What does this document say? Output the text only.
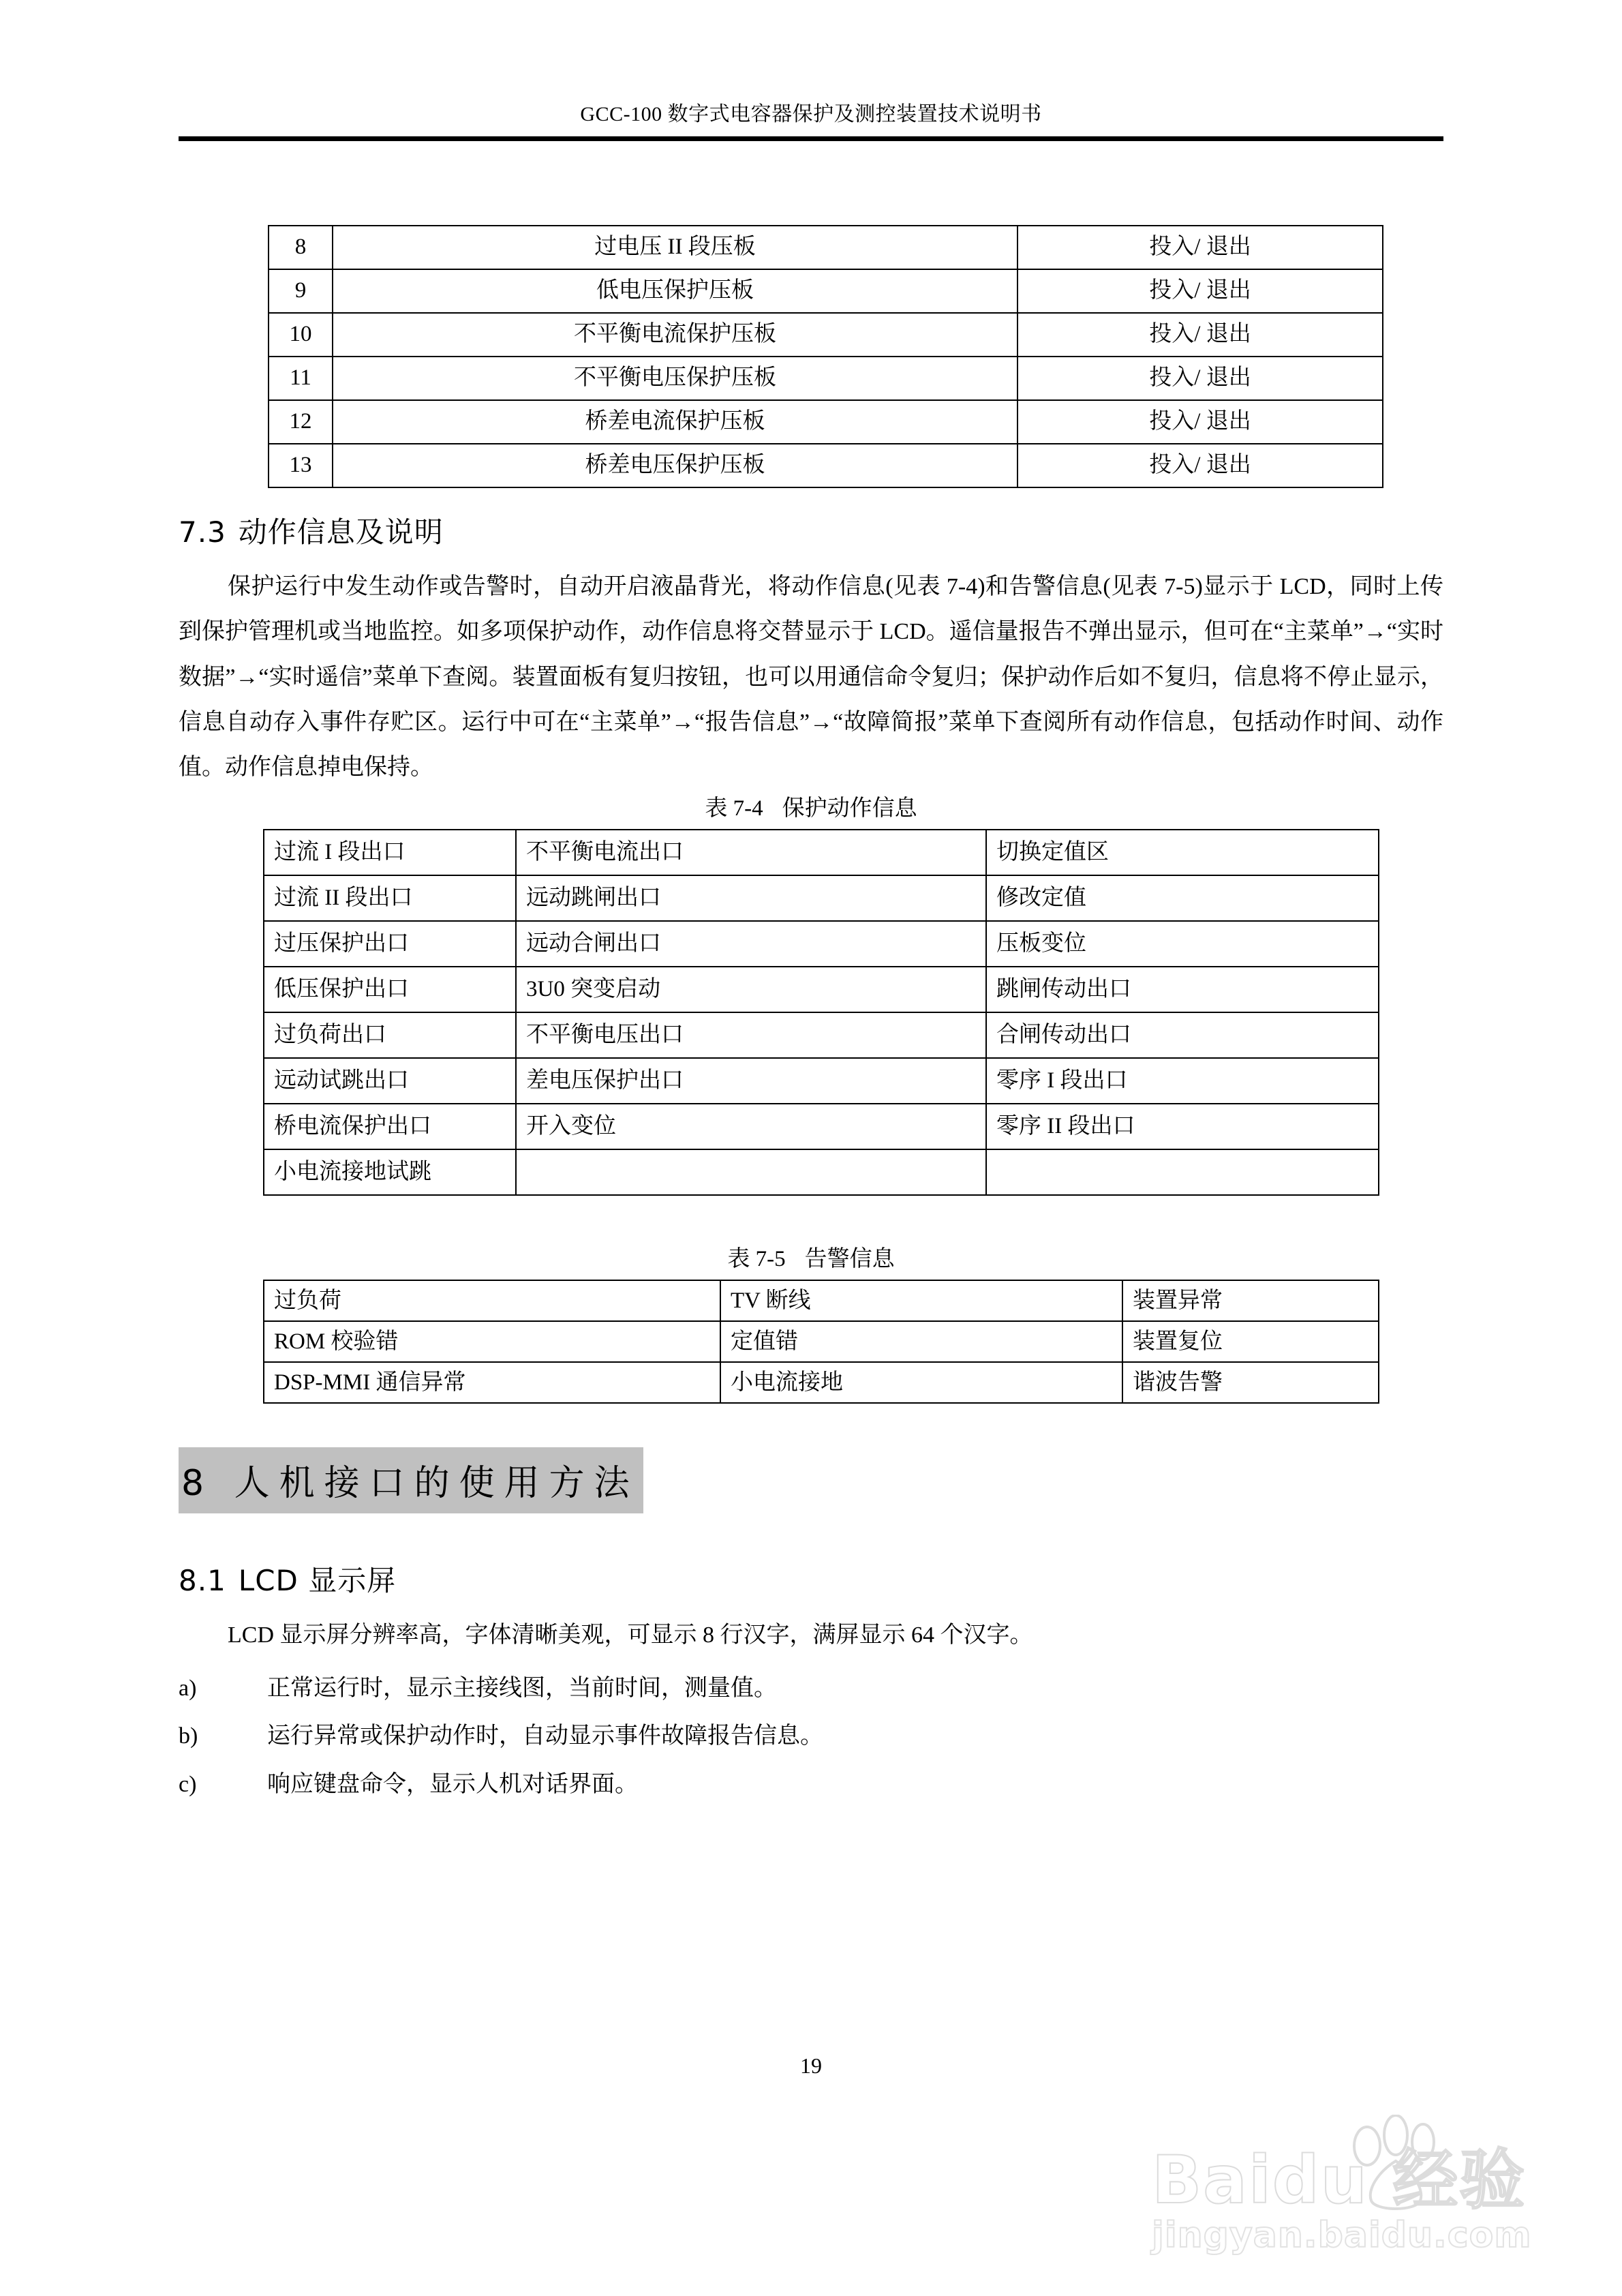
GCC-100 数字式电容器保护及测控装置技术说明书
8	过电压 II 段压板	投入/ 退出
9	低电压保护压板	投入/ 退出
10	不平衡电流保护压板	投入/ 退出
11	不平衡电压保护压板	投入/ 退出
12	桥差电流保护压板	投入/ 退出
13	桥差电压保护压板	投入/ 退出
7.3 动作信息及说明

保护运行中发生动作或告警时，自动开启液晶背光，将动作信息(见表 7-4)和告警信息(见表 7-5)显示于 LCD，同时上传到保护管理机或当地监控。如多项保护动作，动作信息将交替显示于 LCD。遥信量报告不弹出显示，但可在“主菜单”→“实时数据”→“实时遥信”菜单下查阅。装置面板有复归按钮，也可以用通信命令复归；保护动作后如不复归，信息将不停止显示，信息自动存入事件存贮区。运行中可在“主菜单”→“报告信息”→“故障简报”菜单下查阅所有动作信息，包括动作时间、动作值。动作信息掉电保持。

表 7-4 保护动作信息
过流 I 段出口	不平衡电流出口	切换定值区
过流 II 段出口	远动跳闸出口	修改定值
过压保护出口	远动合闸出口	压板变位
低压保护出口	3U0 突变启动	跳闸传动出口
过负荷出口	不平衡电压出口	合闸传动出口
远动试跳出口	差电压保护出口	零序 I 段出口
桥电流保护出口	开入变位	零序 II 段出口
小电流接地试跳		
表 7-5 告警信息
过负荷	TV 断线	装置异常
ROM 校验错	定值错	装置复位
DSP-MMI 通信异常	小电流接地	谐波告警
8 人机接口的使用方法
8.1 LCD 显示屏

LCD 显示屏分辨率高，字体清晰美观，可显示 8 行汉字，满屏显示 64 个汉字。

a)	正常运行时，显示主接线图，当前时间，测量值。
b)	运行异常或保护动作时，自动显示事件故障报告信息。
c)	响应键盘命令，显示人机对话界面。
19
Baidu 经验
jingyan.baidu.com
